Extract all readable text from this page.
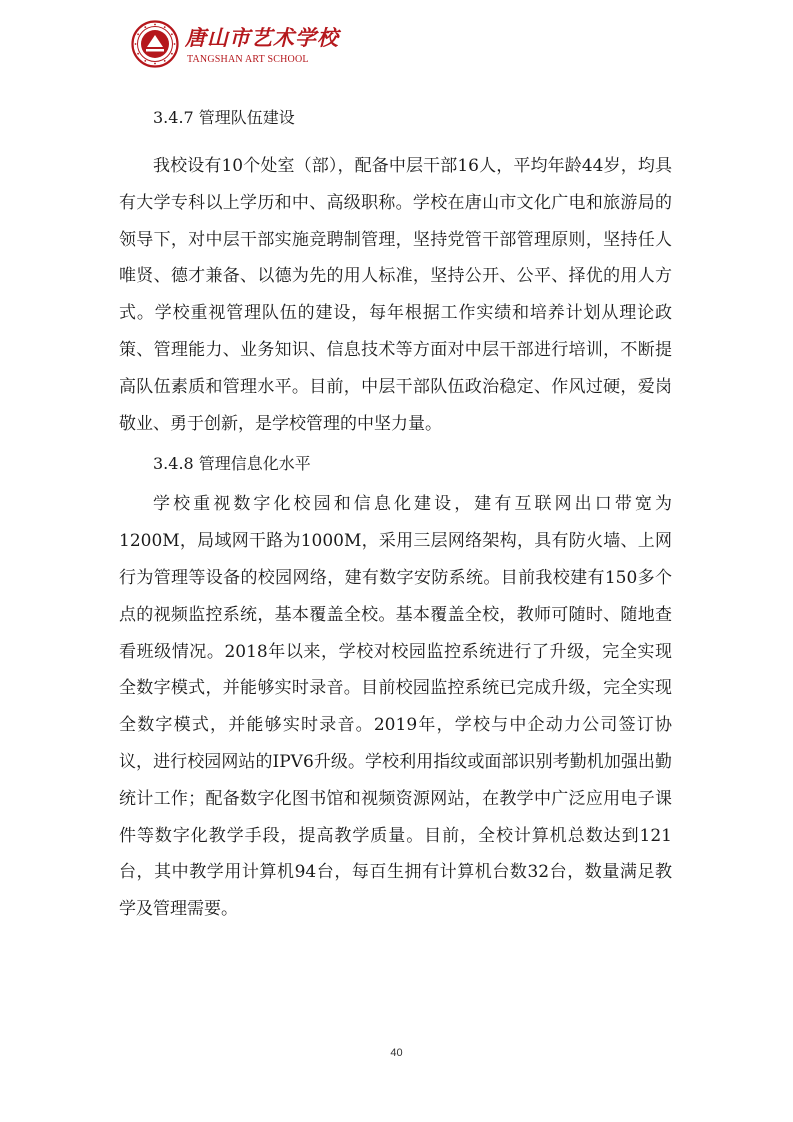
唐山市艺术学校
TANGSHAN ART SCHOOL
3.4.7 管理队伍建设

我校设有10个处室（部），配备中层干部16人，平均年龄44岁，均具有大学专科以上学历和中、高级职称。学校在唐山市文化广电和旅游局的领导下，对中层干部实施竞聘制管理，坚持党管干部管理原则，坚持任人唯贤、德才兼备、以德为先的用人标准，坚持公开、公平、择优的用人方式。学校重视管理队伍的建设，每年根据工作实绩和培养计划从理论政策、管理能力、业务知识、信息技术等方面对中层干部进行培训，不断提高队伍素质和管理水平。目前，中层干部队伍政治稳定、作风过硬，爱岗敬业、勇于创新，是学校管理的中坚力量。

3.4.8 管理信息化水平

学校重视数字化校园和信息化建设，建有互联网出口带宽为1200M，局域网干路为1000M，采用三层网络架构，具有防火墙、上网行为管理等设备的校园网络，建有数字安防系统。目前我校建有150多个点的视频监控系统，基本覆盖全校。基本覆盖全校，教师可随时、随地查看班级情况。2018年以来，学校对校园监控系统进行了升级，完全实现全数字模式，并能够实时录音。目前校园监控系统已完成升级，完全实现全数字模式，并能够实时录音。2019年，学校与中企动力公司签订协议，进行校园网站的IPV6升级。学校利用指纹或面部识别考勤机加强出勤统计工作；配备数字化图书馆和视频资源网站，在教学中广泛应用电子课件等数字化教学手段，提高教学质量。目前，全校计算机总数达到121台，其中教学用计算机94台，每百生拥有计算机台数32台，数量满足教学及管理需要。

40
